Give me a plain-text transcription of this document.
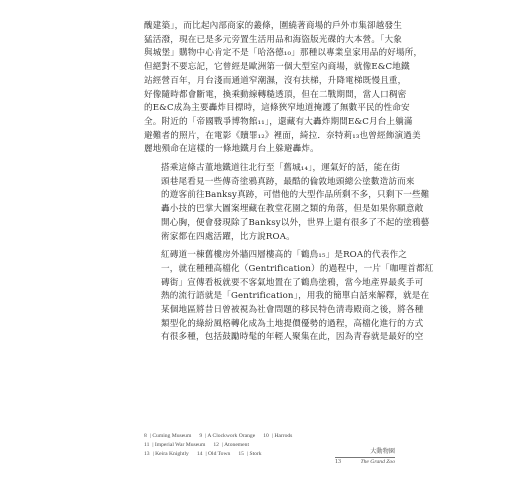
醜建築」，而比起內部商家的叢條，圍繞著商場的戶外市集卻越發生
猛活潑，現在已是多元旁置生活用品和海盜版光碟的大本營。「大象
與城堡」購物中心肯定不是「哈洛德₁₀」那種以專業皇家用品的好場所，
但絕對不要忘記，它曾經是歐洲第一個大型室內商場，就像E&C地鐵
站經營百年，月台淺而通道窄潮濕，沒有扶梯，升降電梯既慢且重，
好像隨時都會斷電，換乘動線轉糙透頂，但在二戰期間，當人口稠密
的E&C成為主要轟炸目標時，這條狹窄地道掩護了無數平民的性命安
全。附近的「帝國戰爭博物館₁₁」，還藏有大轟炸期間E&C月台上躺滿
避難者的照片，在電影《贖罪₁₂》裡面，綺拉．奈特莉₁₃也曾經飾演過美
麗地殞命在這樣的一條地鐵月台上躲避轟炸。
搭乘這條古董地鐵道往北行至「舊城₁₄」，運氣好的話，能在街
頭巷尾看見一些傳奇塗鴉真跡，最酷的倫敦地頭總公塗數造訪而來
的遊客前往Banksy真跡，可惜他的大型作品所剩不多，只剩下一些難
轟小技的巴掌大圖案埋藏在教堂花園之類的角落，但是如果你願意敞
開心胸，便會發現除了Banksy以外，世界上還有很多了不起的塗鴉藝
術家都在四處活躍，比方說ROA。
紅磚道一棟舊樓房外牆四層樓高的「鶴鳥₁₅」是ROA的代表作之
一，就在種種高檔化（Gentrification）的過程中，一片「咖哩首都紅
磚街」宣傳看板就要不客氣地置在了鶴鳥塗鴉，當今地產界最炙手可
熱的流行語就是「Gentrification」，用我的簡單白話來解釋，就是在
某個地區將昔日曾被視為社會問題的移民特色清毒殿商之後，將各種
類型化的綠紛風格轉化成為土地提價優勢的過程，高檔化進行的方式
有很多種，包括鼓勵時髦的年輕人聚集在此，因為青春就是最好的空
8 | Cuming Museum 9 | A Clockwork Orange 10 | Harrods
11 | Imperial War Museum 12 | Atonement
13 | Keira Knightly 14 | Old Town 15 | Stork	大動物園
13	The Grand Zoo
